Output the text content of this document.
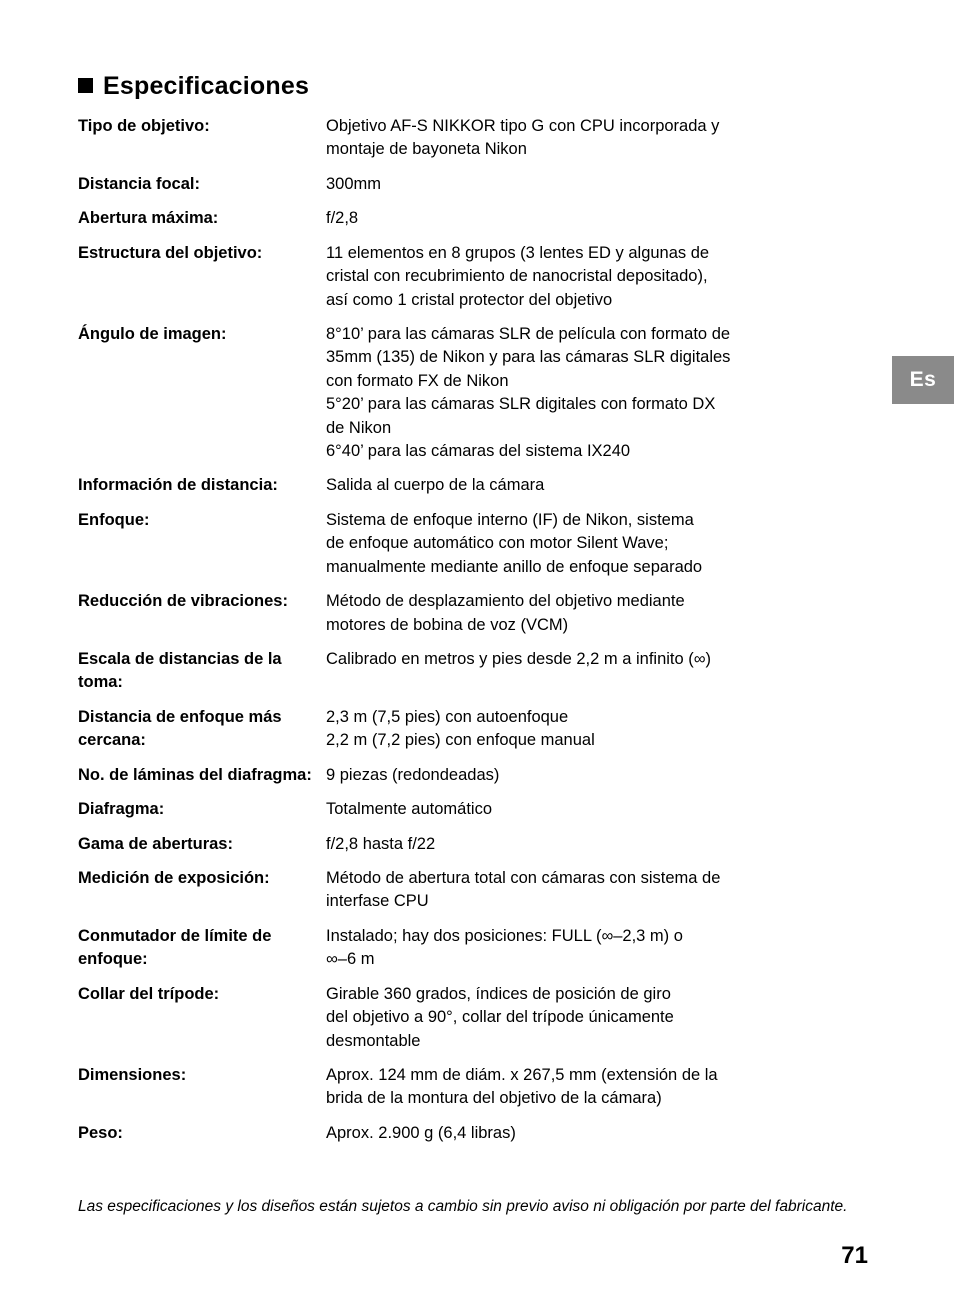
Es
Especificaciones
Tipo de objetivo:	Objetivo AF-S NIKKOR tipo G con CPU incorporada y
montaje de bayoneta Nikon

Distancia focal:	300mm

Abertura máxima:	f/2,8

Estructura del objetivo:	11 elementos en 8 grupos (3 lentes ED y algunas de
cristal con recubrimiento de nanocristal depositado),
así como 1 cristal protector del objetivo

Ángulo de imagen:	8°10’ para las cámaras SLR de película con formato de
35mm (135) de Nikon y para las cámaras SLR digitales
con formato FX de Nikon
5°20’ para las cámaras SLR digitales con formato DX
de Nikon
6°40’ para las cámaras del sistema IX240

Información de distancia:	Salida al cuerpo de la cámara

Enfoque:	Sistema de enfoque interno (IF) de Nikon, sistema
de enfoque automático con motor Silent Wave;
manualmente mediante anillo de enfoque separado

Reducción de vibraciones:	Método de desplazamiento del objetivo mediante
motores de bobina de voz (VCM)

Escala de distancias de la toma:	Calibrado en metros y pies desde 2,2 m a infinito (∞)

Distancia de enfoque más cercana:	2,3 m (7,5 pies) con autoenfoque
2,2 m (7,2 pies) con enfoque manual

No. de láminas del diafragma:	9 piezas (redondeadas)

Diafragma:	Totalmente automático

Gama de aberturas:	f/2,8 hasta f/22

Medición de exposición:	Método de abertura total con cámaras con sistema de
interfase CPU

Conmutador de límite de enfoque:	Instalado; hay dos posiciones: FULL (∞–2,3 m) o
∞–6 m

Collar del trípode:	Girable 360 grados, índices de posición de giro
del objetivo a 90°, collar del trípode únicamente
desmontable

Dimensiones:	Aprox. 124 mm de diám. x 267,5 mm (extensión de la
brida de la montura del objetivo de la cámara)

Peso:	Aprox. 2.900 g (6,4 libras)
Las especificaciones y los diseños están sujetos a cambio sin previo aviso ni obligación por parte del fabricante.
71
